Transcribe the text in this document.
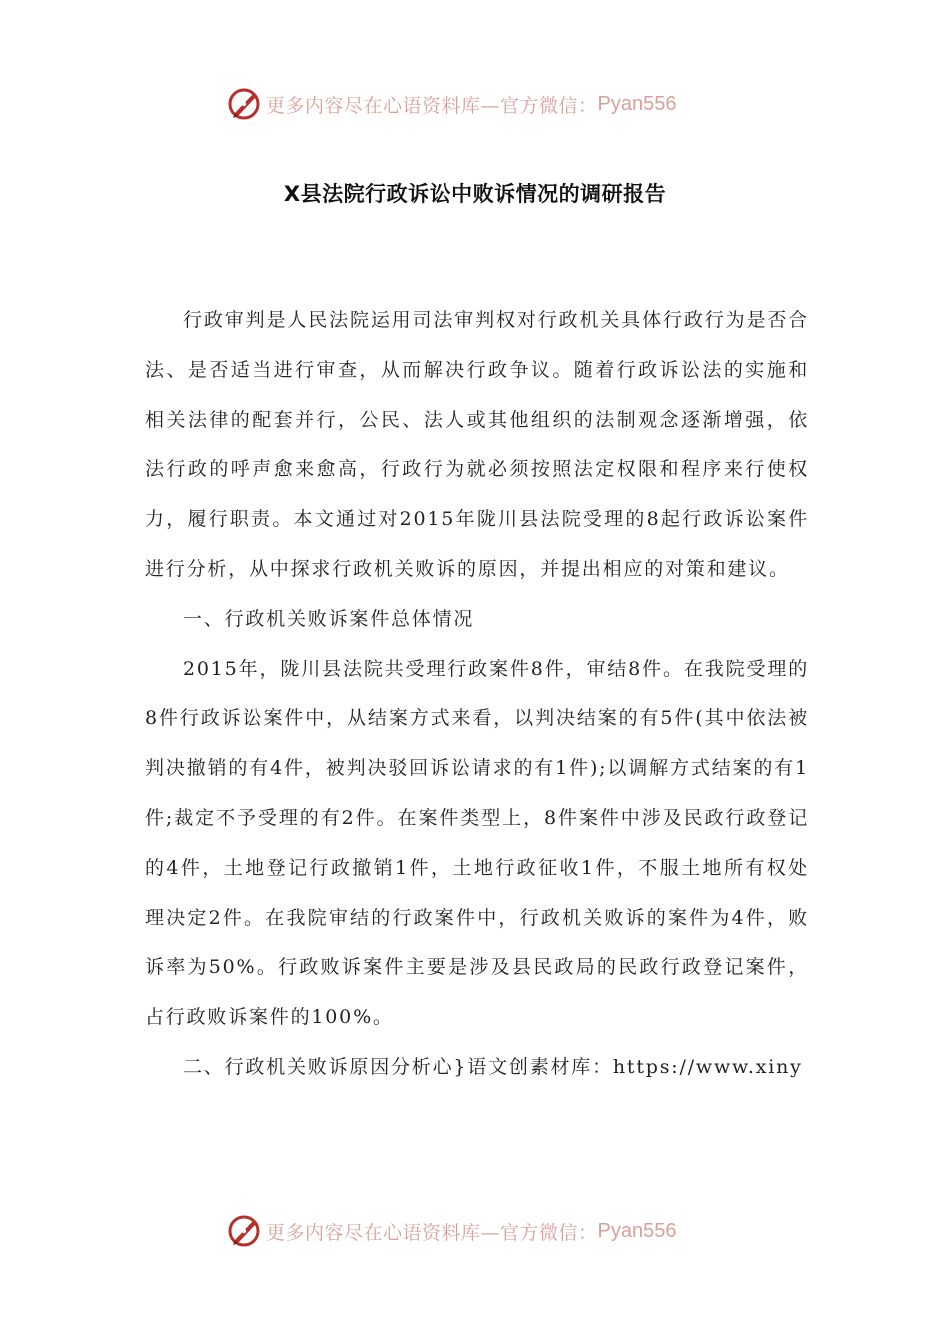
更多内容尽在心语资料库—官方微信： Pyan556
X县法院行政诉讼中败诉情况的调研报告

行政审判是人民法院运用司法审判权对行政机关具体行政行为是否合法、是否适当进行审查，从而解决行政争议。随着行政诉讼法的实施和相关法律的配套并行，公民、法人或其他组织的法制观念逐渐增强，依法行政的呼声愈来愈高，行政行为就必须按照法定权限和程序来行使权力，履行职责。本文通过对2015年陇川县法院受理的8起行政诉讼案件进行分析，从中探求行政机关败诉的原因，并提出相应的对策和建议。

一、行政机关败诉案件总体情况

2015年，陇川县法院共受理行政案件8件，审结8件。在我院受理的8件行政诉讼案件中，从结案方式来看，以判决结案的有5件(其中依法被判决撤销的有4件，被判决驳回诉讼请求的有1件);以调解方式结案的有1件;裁定不予受理的有2件。在案件类型上，8件案件中涉及民政行政登记的4件，土地登记行政撤销1件，土地行政征收1件，不服土地所有权处理决定2件。在我院审结的行政案件中，行政机关败诉的案件为4件，败诉率为50%。行政败诉案件主要是涉及县民政局的民政行政登记案件，占行政败诉案件的100%。

二、行政机关败诉原因分析心}语文创素材库：https://www.xiny

更多内容尽在心语资料库—官方微信： Pyan556
